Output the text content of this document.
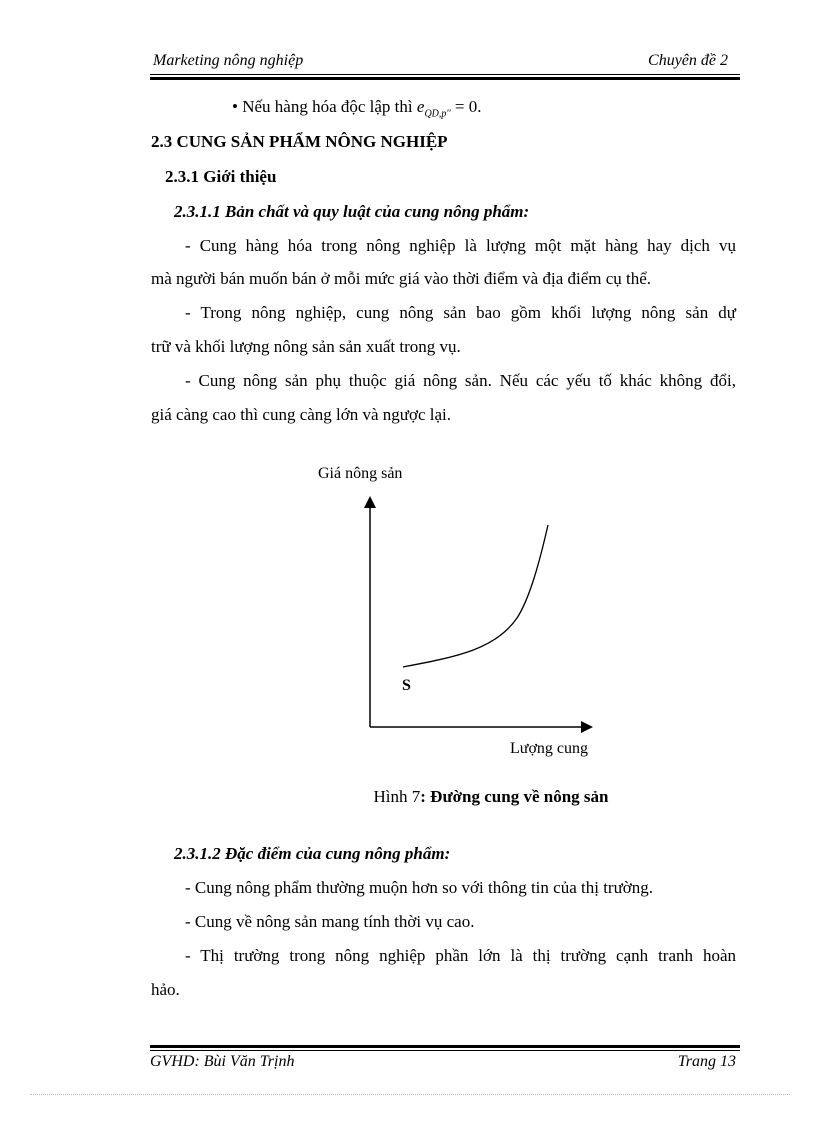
Marketing nông nghiệp	Chuyên đề 2
• Nếu hàng hóa độc lập thì $e_{QD,p''} = 0$.
2.3 CUNG SẢN PHẨM NÔNG NGHIỆP
2.3.1 Giới thiệu
2.3.1.1 Bản chất và quy luật của cung nông phẩm:
- Cung hàng hóa trong nông nghiệp là lượng một mặt hàng hay dịch vụ
mà người bán muốn bán ở mỗi mức giá vào thời điểm và địa điểm cụ thể.
- Trong nông nghiệp, cung nông sản bao gồm khối lượng nông sản dự
trữ và khối lượng nông sản sản xuất trong vụ.
- Cung nông sản phụ thuộc giá nông sản. Nếu các yếu tố khác không đổi,
giá càng cao thì cung càng lớn và ngược lại.
Giá nông sản
S
Lượng cung
Hình 7: Đường cung về nông sản
2.3.1.2 Đặc điểm của cung nông phẩm:
- Cung nông phẩm thường muộn hơn so với thông tin của thị trường.
- Cung về nông sản mang tính thời vụ cao.
- Thị trường trong nông nghiệp phần lớn là thị trường cạnh tranh hoàn
hảo.
GVHD: Bùi Văn Trịnh	Trang 13
